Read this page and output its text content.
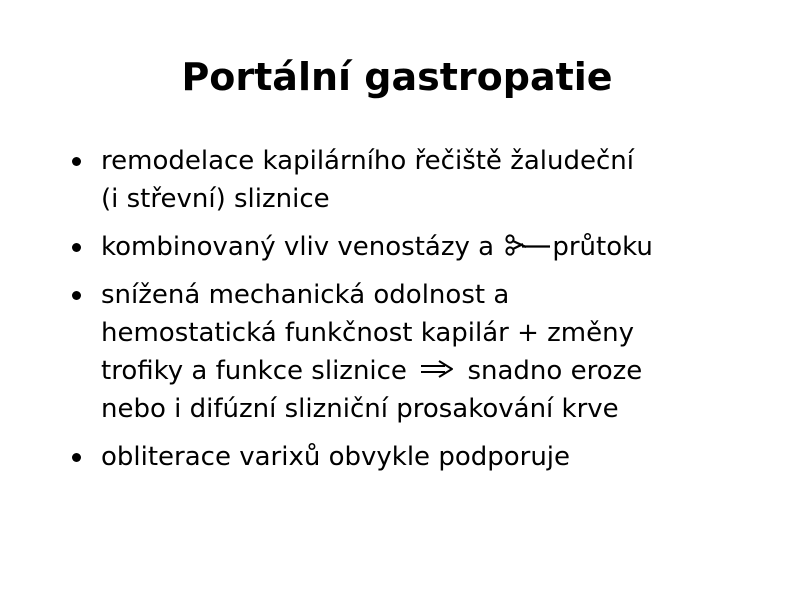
Portální gastropatie
remodelace kapilárního řečiště žaludeční
(i střevní) sliznice
kombinovaný vliv venostázy a
průtoku
snížená mechanická odolnost a
hemostatická funkčnost kapilár + změny
trofiky a funkce sliznice  snadno eroze
nebo i difúzní slizniční prosakování krve
obliterace varixů obvykle podporuje
